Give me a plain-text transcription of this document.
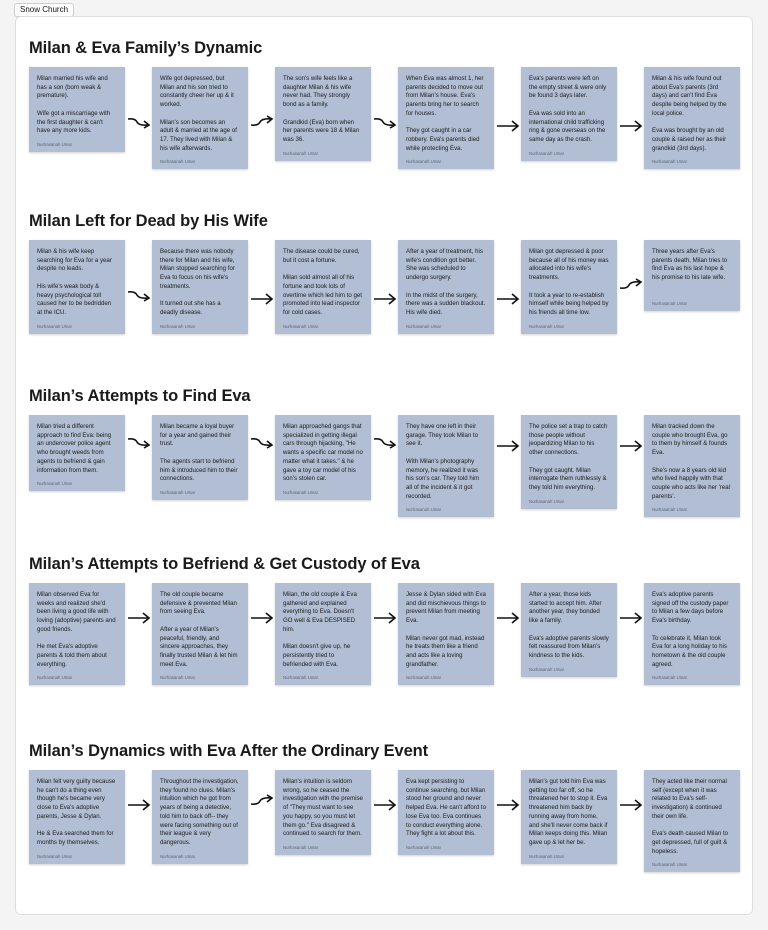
Snow Church
Milan & Eva Family’s Dynamic
Milan married his wife and has a son (born weak & premature).

Wife got a miscarriage with the first daughter & can't have any more kids.
Nurhasanah Umar
Wife got depressed, but Milan and his son tried to constantly cheer her up & it worked.

Milan's son becomes an adult & married at the age of 17. They lived with Milan & his wife afterwards.
Nurhasanah Umar
The son's wife feels like a daughter Milan & his wife never had. They strongly bond as a family.

Grandkid (Eva) born when her parents were 18 & Milan was 36.
Nurhasanah Umar
When Eva was almost 1, her parents decided to move out from Milan's house. Eva's parents bring her to search for houses.

They got caught in a car robbery. Eva's parents died while protecting Eva.
Nurhasanah Umar
Eva's parents were left on the empty street & were only be found 3 days later.

Eva was sold into an international child trafficking ring & gone overseas on the same day as the crash.
Nurhasanah Umar
Milan & his wife found out about Eva's parents (3rd days) and can't find Eva despite being helped by the local police.

Eva was brought by an old couple & raised her as their grandkid (3rd days).
Nurhasanah Umar
Milan Left for Dead by His Wife
Milan & his wife keep searching for Eva for a year despite no leads.

His wife's weak body & heavy psychological toll caused her to be bedridden at the ICU.
Nurhasanah Umar
Because there was nobody there for Milan and his wife, Milan stopped searching for Eva to focus on his wife's treatments.

It turned out she has a deadly disease.
Nurhasanah Umar
The disease could be cured, but it cost a fortune.

Milan sold almost all of his fortune and took lots of overtime which led him to get promoted into lead inspector for cold cases.
Nurhasanah Umar
After a year of treatment, his wife's condition got better. She was scheduled to undergo surgery.

In the midst of the surgery, there was a sudden blackout. His wife died.
Nurhasanah Umar
Milan got depressed & poor because all of his money was allocated into his wife's treatments.

It took a year to re-establish himself while being helped by his friends all time low.
Nurhasanah Umar
Three years after Eva's parents death, Milan tries to find Eva as his last hope & his promise to his late wife.
Nurhasanah Umar
Milan’s Attempts to Find Eva
Milan tried a different approach to find Eva: being an undercover police agent who brought weeds from agents to befriend & gain information from them.
Nurhasanah Umar
Milan became a loyal buyer for a year and gained their trust.

The agents start to befriend him & introduced him to their connections.
Nurhasanah Umar
Milan approached gangs that specialized in getting illegal cars through hijacking, "He wants a specific car model no matter what it takes." & he gave a toy car model of his son's stolen car.
Nurhasanah Umar
They have one left in their garage. They took Milan to see it.

With Milan's photography memory, he realized it was his son's car. They told him all of the incident & it got recorded.
Nurhasanah Umar
The police set a trap to catch those people without jeopardizing Milan to his other connections.

They got caught. Milan interrogate them ruthlessly & they told him everything.
Nurhasanah Umar
Milan tracked down the couple who brought Eva, go to them by himself & founds Eva.

She's now a 8 years old kid who lived happily with that couple who acts like her 'real parents'.
Nurhasanah Umar
Milan’s Attempts to Befriend & Get Custody of Eva
Milan observed Eva for weeks and realized she'd been living a good life with loving (adoptive) parents and good friends.

He met Eva's adoptive parents & told them about everything.
Nurhasanah Umar
The old couple became defensive & prevented Milan from seeing Eva.

After a year of Milan's peaceful, friendly, and sincere approaches, they finally trusted Milan & let him meet Eva.
Nurhasanah Umar
Milan, the old couple & Eva gathered and explained everything to Eva. Doesn't GO well & Eva DESPISED him.

Milan doesn't give up, he persistently tried to befriended with Eva.
Nurhasanah Umar
Jesse & Dylan sided with Eva and did mischievous things to prevent Milan from meeting Eva.

Milan never got mad, instead he treats them like a friend and acts like a loving grandfather.
Nurhasanah Umar
After a year, those kids started to accept him. After another year, they bonded like a family.

Eva's adoptive parents slowly felt reassured from Milan's kindness to the kids.
Nurhasanah Umar
Eva's adoptive parents signed off the custody paper to Milan a few days before Eva's birthday.

To celebrate it, Milan took Eva for a long holiday to his hometown & the old couple agreed.
Nurhasanah Umar
Milan’s Dynamics with Eva After the Ordinary Event
Milan felt very guilty because he can't do a thing even though he's became very close to Eva's adoptive parents, Jesse & Dylan.

He & Eva searched them for months by themselves.
Nurhasanah Umar
Throughout the investigation, they found no clues. Milan's intuition which he got from years of being a detective, told him to back off-- they were facing something out of their league & very dangerous.
Nurhasanah Umar
Milan's intuition is seldom wrong, so he ceased the investigation with the premise of "They must want to see you happy, so you must let them go." Eva disagreed & continued to search for them.
Nurhasanah Umar
Eva kept persisting to continue searching, but Milan stood her ground and never helped Eva. He can't afford to lose Eva too. Eva continues to conduct everything alone. They fight a lot about this.
Nurhasanah Umar
Milan's gut told him Eva was getting too far off, so he threatened her to stop it. Eva threatened him back by running away from home, and she'll never come back if Milan keeps doing this. Milan gave up & let her be.
Nurhasanah Umar
They acted like their normal self (except when it was related to Eva's self-investigation) & continued their own life.

Eva's death caused Milan to get depressed, full of guilt & hopeless.
Nurhasanah Umar
